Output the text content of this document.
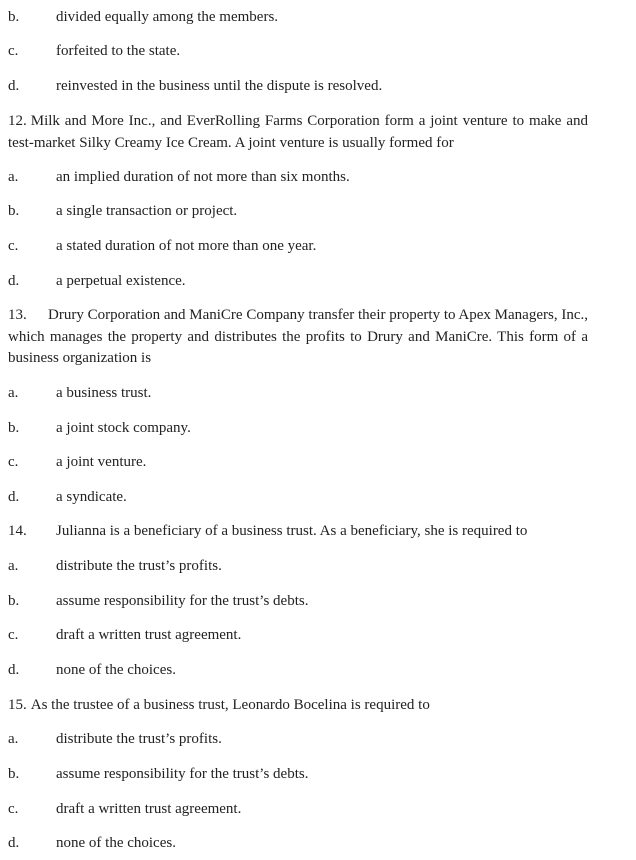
b. divided equally among the members.
c.	forfeited to the state.
d. reinvested in the business until the dispute is resolved.
12. Milk and More Inc., and EverRolling Farms Corporation form a joint venture to make and test-market Silky Creamy Ice Cream. A joint venture is usually formed for
a.	an implied duration of not more than six months.
b. a single transaction or project.
c.	a stated duration of not more than one year.
d. a perpetual existence.
13. Drury Corporation and ManiCre Company transfer their property to Apex Managers, Inc., which manages the property and distributes the profits to Drury and ManiCre. This form of a business organization is
a.	a business trust.
b. a joint stock company.
c.	a joint venture.
d. a syndicate.
14. Julianna is a beneficiary of a business trust. As a beneficiary, she is required to
a.	distribute the trust’s profits.
b. assume responsibility for the trust’s debts.
c.	draft a written trust agreement.
d. none of the choices.
15. As the trustee of a business trust, Leonardo Bocelina is required to
a.	distribute the trust’s profits.
b. assume responsibility for the trust’s debts.
c.	draft a written trust agreement.
d. none of the choices.
